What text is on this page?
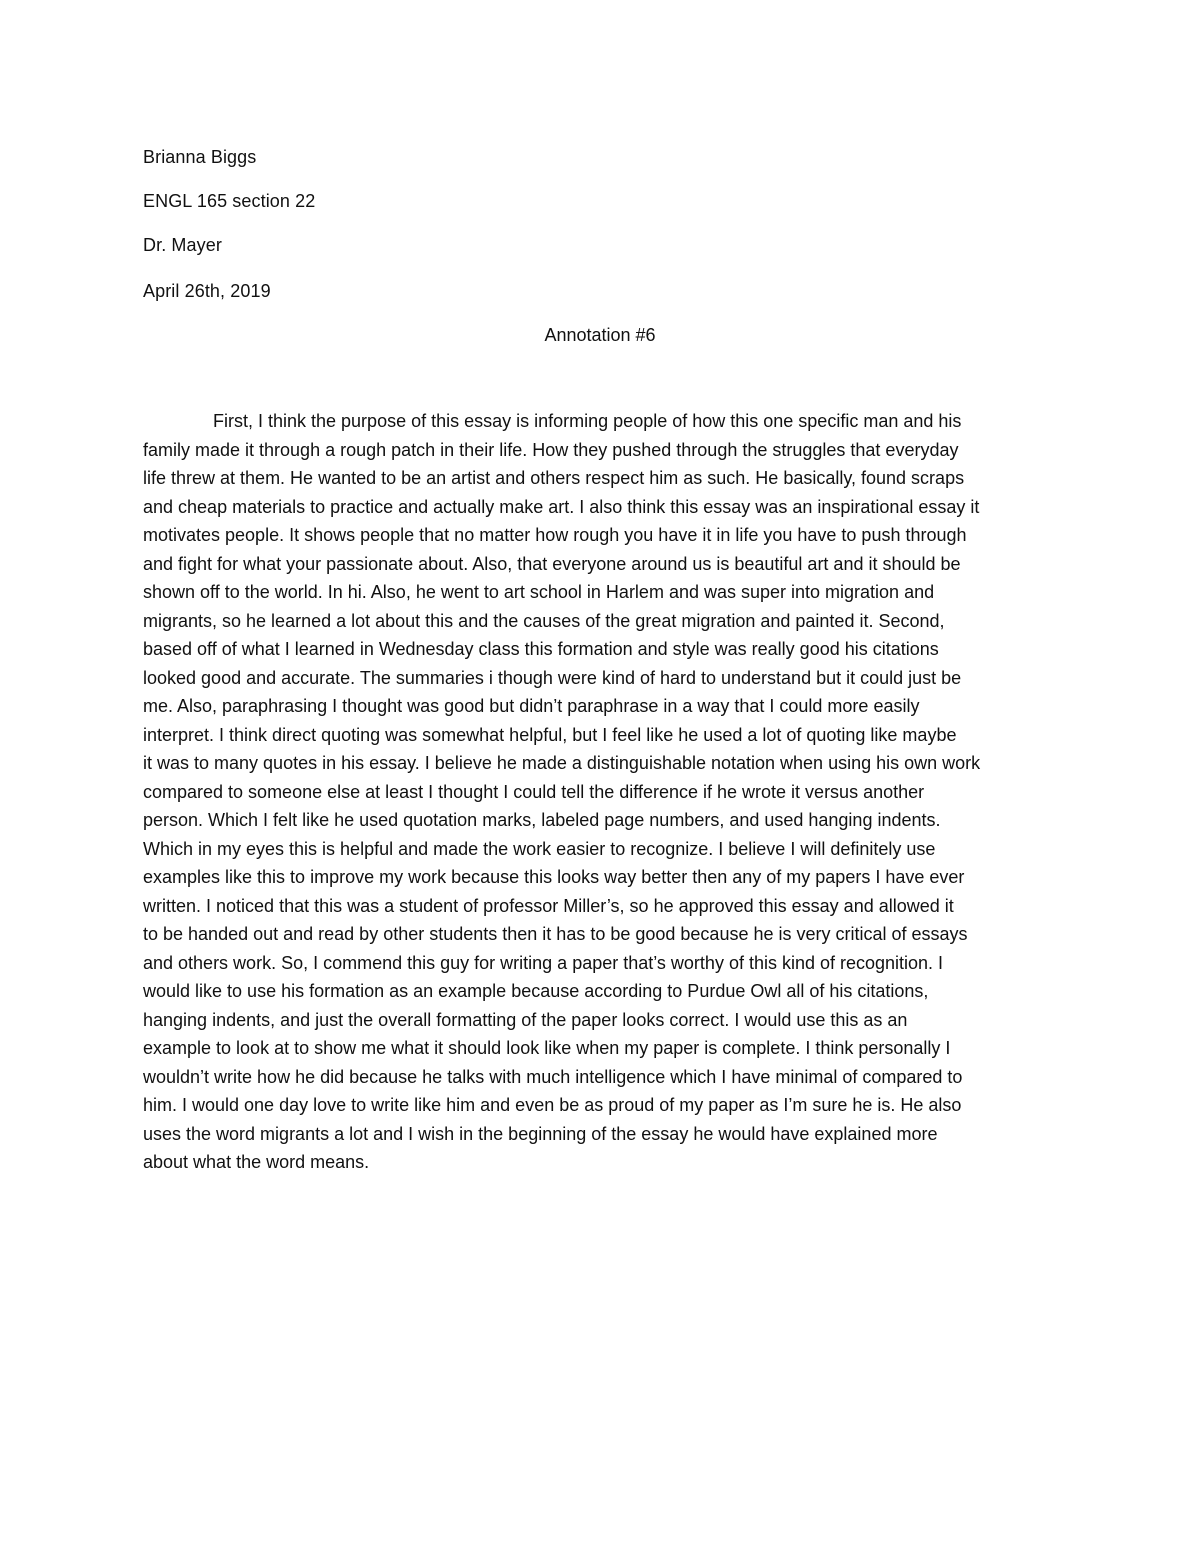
Brianna Biggs
ENGL 165 section 22
Dr. Mayer
April 26th, 2019
Annotation #6
First, I think the purpose of this essay is informing people of how this one specific man and his
family made it through a rough patch in their life. How they pushed through the struggles that everyday
life threw at them. He wanted to be an artist and others respect him as such. He basically, found scraps
and cheap materials to practice and actually make art. I also think this essay was an inspirational essay it
motivates people. It shows people that no matter how rough you have it in life you have to push through
and fight for what your passionate about. Also, that everyone around us is beautiful art and it should be
shown off to the world. In hi. Also, he went to art school in Harlem and was super into migration and
migrants, so he learned a lot about this and the causes of the great migration and painted it. Second,
based off of what I learned in Wednesday class this formation and style was really good his citations
looked good and accurate. The summaries i though were kind of hard to understand but it could just be
me. Also, paraphrasing I thought was good but didn’t paraphrase in a way that I could more easily
interpret. I think direct quoting was somewhat helpful, but I feel like he used a lot of quoting like maybe
it was to many quotes in his essay. I believe he made a distinguishable notation when using his own work
compared to someone else at least I thought I could tell the difference if he wrote it versus another
person. Which I felt like he used quotation marks, labeled page numbers, and used hanging indents.
Which in my eyes this is helpful and made the work easier to recognize. I believe I will definitely use
examples like this to improve my work because this looks way better then any of my papers I have ever
written. I noticed that this was a student of professor Miller’s, so he approved this essay and allowed it
to be handed out and read by other students then it has to be good because he is very critical of essays
and others work. So, I commend this guy for writing a paper that’s worthy of this kind of recognition. I
would like to use his formation as an example because according to Purdue Owl all of his citations,
hanging indents, and just the overall formatting of the paper looks correct. I would use this as an
example to look at to show me what it should look like when my paper is complete. I think personally I
wouldn’t write how he did because he talks with much intelligence which I have minimal of compared to
him. I would one day love to write like him and even be as proud of my paper as I’m sure he is. He also
uses the word migrants a lot and I wish in the beginning of the essay he would have explained more
about what the word means.
